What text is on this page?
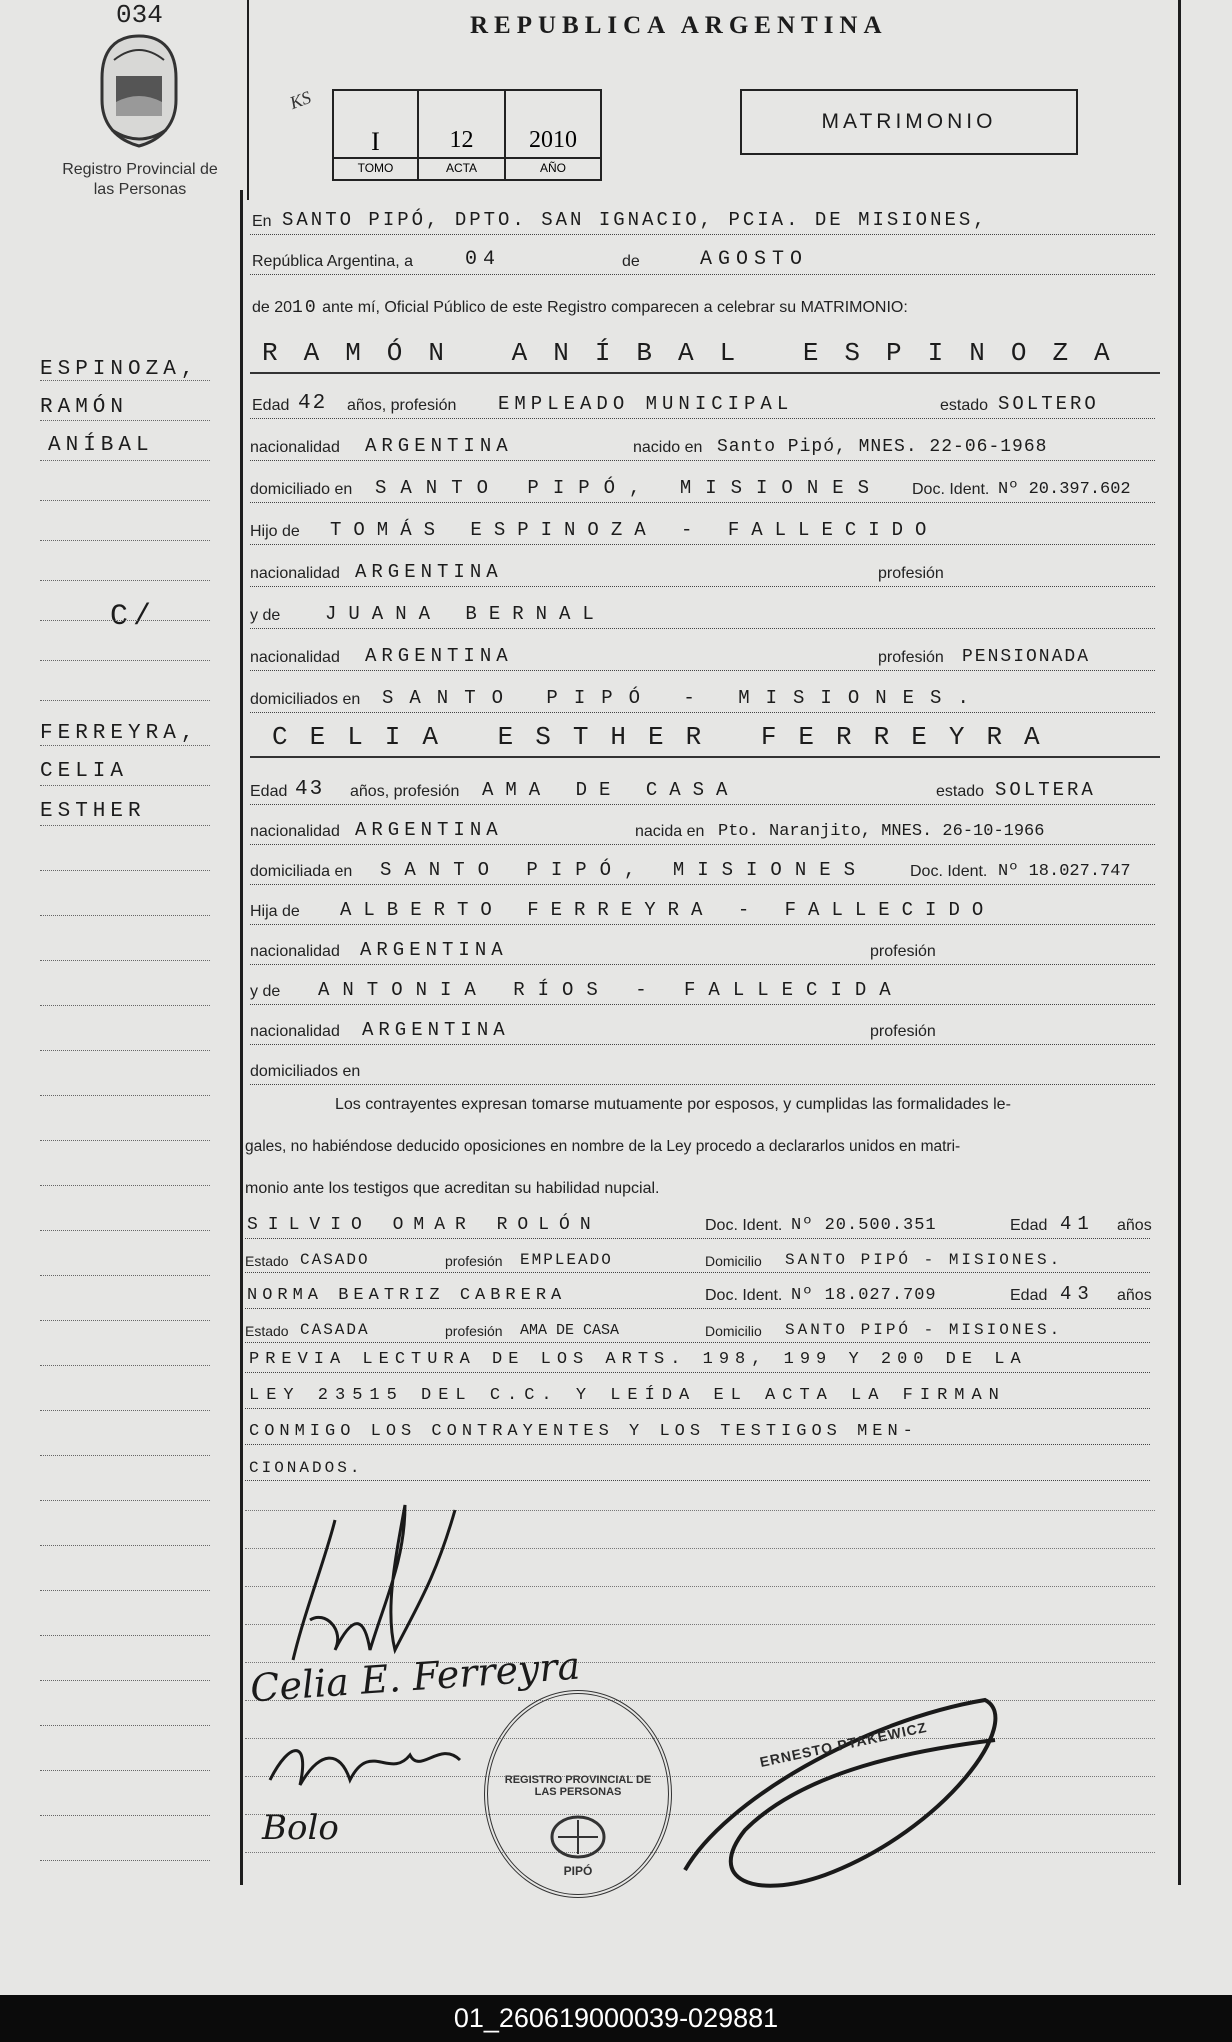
034
Registro Provincial de las Personas
REPUBLICA ARGENTINA
KS
I	12	2010
TOMO	ACTA	AÑO
MATRIMONIO
En SANTO PIPÓ, DPTO. SAN IGNACIO, PCIA. DE MISIONES,
República Argentina, a	04	de	AGOSTO
de 2010 ante mí, Oficial Público de este Registro comparecen a celebrar su MATRIMONIO:
RAMÓN ANÍBAL ESPINOZA
Edad 42 años, profesión EMPLEADO MUNICIPAL	estado SOLTERO
nacionalidad ARGENTINA	nacido en Santo Pipó, MNES. 22-06-1968
domiciliado en SANTO PIPÓ, MISIONES Doc. Ident. Nº 20.397.602
Hijo de TOMÁS ESPINOZA - FALLECIDO
nacionalidad ARGENTINA	profesión
y de JUANA BERNAL
nacionalidad ARGENTINA	profesión PENSIONADA
domiciliados en SANTO PIPÓ - MISIONES.
CELIA ESTHER FERREYRA
Edad 43 años, profesión AMA DE CASA	estado SOLTERA
nacionalidad ARGENTINA	nacida en Pto. Naranjito, MNES. 26-10-1966
domiciliada en SANTO PIPÓ, MISIONES	Doc. Ident. Nº 18.027.747
Hija de ALBERTO FERREYRA - FALLECIDO
nacionalidad ARGENTINA	profesión
y de ANTONIA RÍOS - FALLECIDA
nacionalidad ARGENTINA	profesión
domiciliados en
Los contrayentes expresan tomarse mutuamente por esposos, y cumplidas las formalidades le-
gales, no habiéndose deducido oposiciones en nombre de la Ley procedo a declararlos unidos en matri-
monio ante los testigos que acreditan su habilidad nupcial.
SILVIO OMAR ROLÓN	Doc. Ident. Nº 20.500.351	Edad 41 años
Estado CASADO	profesión EMPLEADO	Domicilio SANTO PIPÓ - MISIONES.
NORMA BEATRIZ CABRERA	Doc. Ident. Nº 18.027.709	Edad 43 años
Estado CASADA	profesión AMA DE CASA	Domicilio SANTO PIPÓ - MISIONES.
PREVIA LECTURA DE LOS ARTS. 198, 199 Y 200 DE LA
LEY 23515 DEL C.C. Y LEÍDA EL ACTA LA FIRMAN
CONMIGO LOS CONTRAYENTES Y LOS TESTIGOS MEN-
CIONADOS.
Celia E. Ferreyra
Bolo
REGISTRO PROVINCIAL DE LAS PERSONAS
PIPÓ
ERNESTO PTAKEWICZ
ESPINOZA,
RAMÓN
ANÍBAL
C/
FERREYRA,
CELIA
ESTHER
01_260619000039-029881
